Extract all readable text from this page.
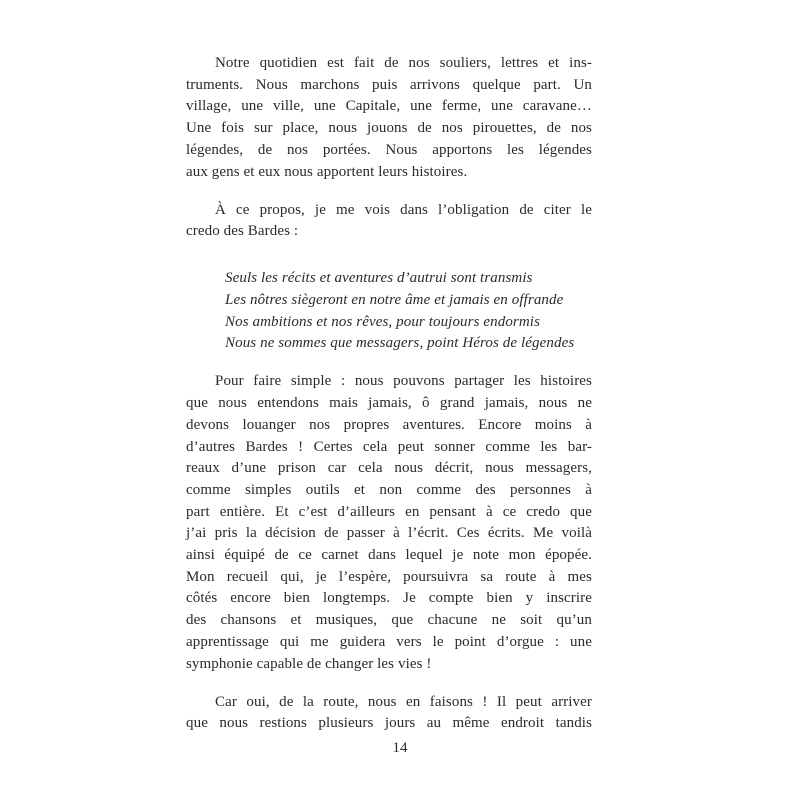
Notre quotidien est fait de nos souliers, lettres et ins-
truments. Nous marchons puis arrivons quelque part. Un
village, une ville, une Capitale, une ferme, une caravane…
Une fois sur place, nous jouons de nos pirouettes, de nos
légendes, de nos portées. Nous apportons les légendes
aux gens et eux nous apportent leurs histoires.
À ce propos, je me vois dans l’obligation de citer le
credo des Bardes :
Seuls les récits et aventures d’autrui sont transmis
Les nôtres siègeront en notre âme et jamais en offrande
Nos ambitions et nos rêves, pour toujours endormis
Nous ne sommes que messagers, point Héros de légendes
Pour faire simple : nous pouvons partager les histoires
que nous entendons mais jamais, ô grand jamais, nous ne
devons louanger nos propres aventures. Encore moins à
d’autres Bardes ! Certes cela peut sonner comme les bar-
reaux d’une prison car cela nous décrit, nous messagers,
comme simples outils et non comme des personnes à
part entière. Et c’est d’ailleurs en pensant à ce credo que
j’ai pris la décision de passer à l’écrit. Ces écrits. Me voilà
ainsi équipé de ce carnet dans lequel je note mon épopée.
Mon recueil qui, je l’espère, poursuivra sa route à mes
côtés encore bien longtemps. Je compte bien y inscrire
des chansons et musiques, que chacune ne soit qu’un
apprentissage qui me guidera vers le point d’orgue : une
symphonie capable de changer les vies !
Car oui, de la route, nous en faisons ! Il peut arriver
que nous restions plusieurs jours au même endroit tandis
14
